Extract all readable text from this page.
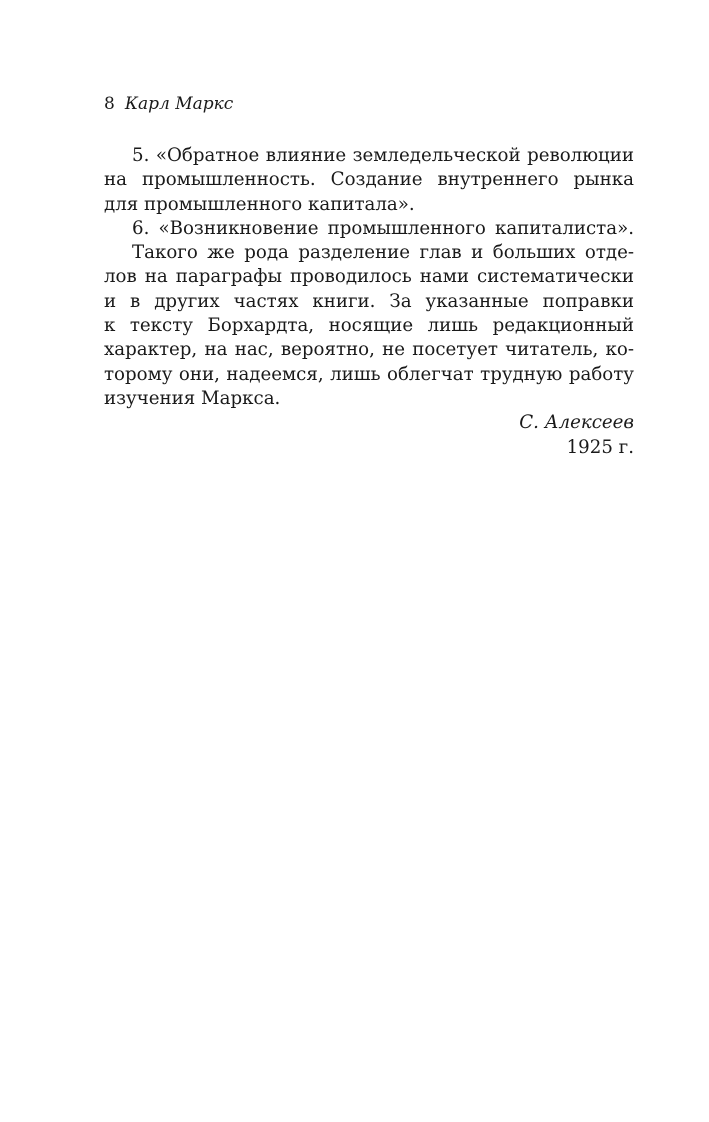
8 Карл Маркс
5. «Обратное влияние земледельческой революции
на промышленность. Создание внутреннего рынка
для промышленного капитала».
6. «Возникновение промышленного капиталиста».
Такого же рода разделение глав и больших отде-
лов на параграфы проводилось нами систематически
и в других частях книги. За указанные поправки
к тексту Борхардта, носящие лишь редакционный
характер, на нас, вероятно, не посетует читатель, ко-
торому они, надеемся, лишь облегчат трудную работу
изучения Маркса.
С. Алексеев
1925 г.
